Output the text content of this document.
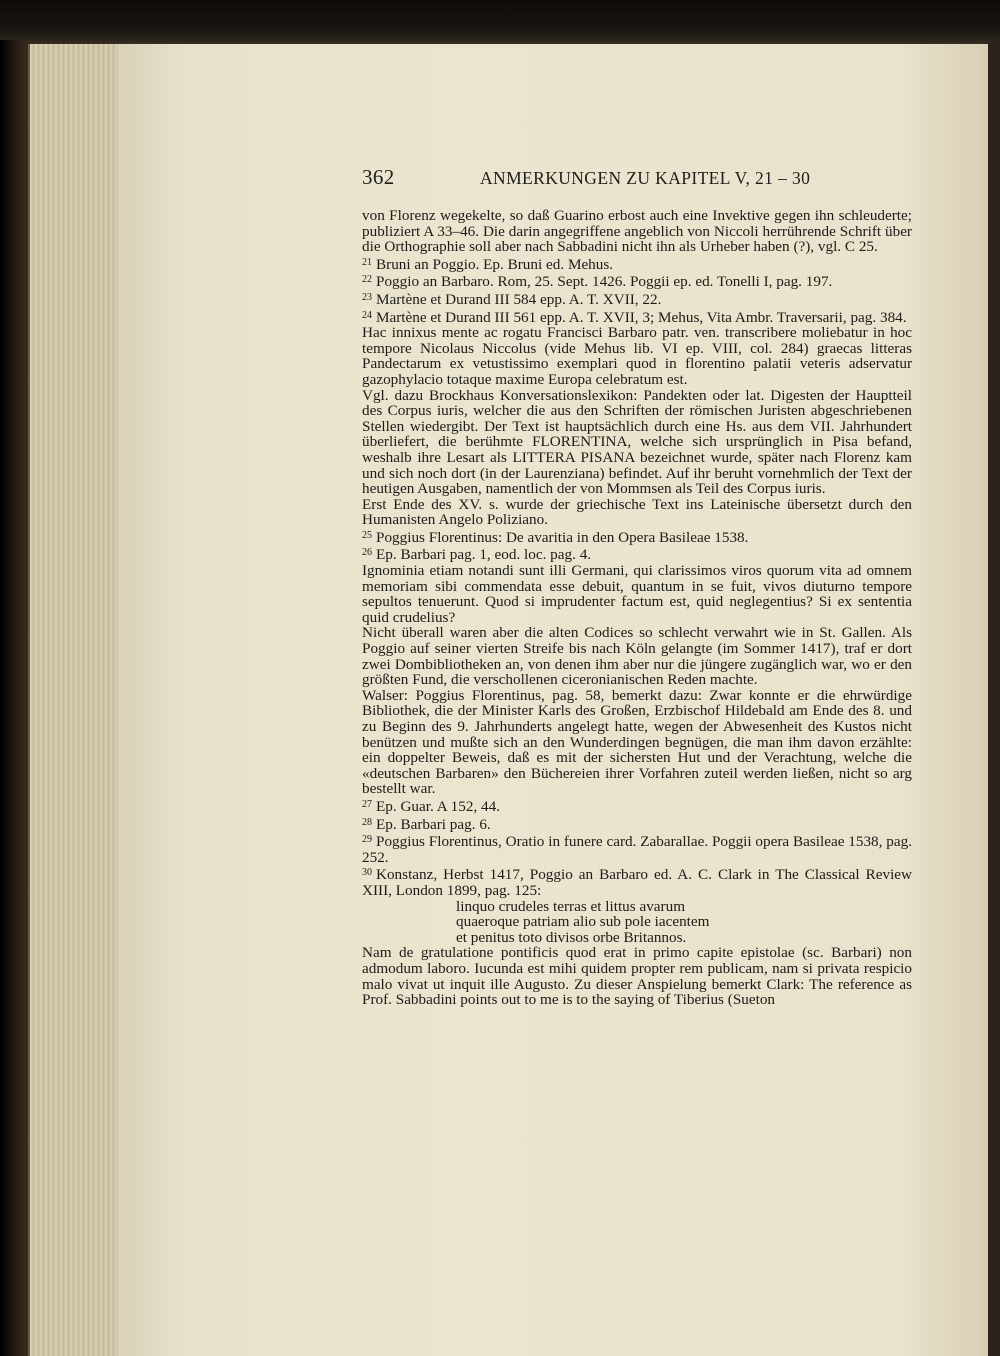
362	ANMERKUNGEN ZU KAPITEL V, 21 – 30

von Florenz wegekelte, so daß Guarino erbost auch eine Invektive gegen ihn schleuderte; publiziert A 33–46. Die darin angegriffene angeblich von Niccoli herrührende Schrift über die Orthographie soll aber nach Sabbadini nicht ihn als Urheber haben (?), vgl. C 25.

$^{21}$ Bruni an Poggio. Ep. Bruni ed. Mehus.

$^{22}$ Poggio an Barbaro. Rom, 25. Sept. 1426. Poggii ep. ed. Tonelli I, pag. 197.

$^{23}$ Martène et Durand III 584 epp. A. T. XVII, 22.

$^{24}$ Martène et Durand III 561 epp. A. T. XVII, 3; Mehus, Vita Ambr. Traversarii, pag. 384.

Hac innixus mente ac rogatu Francisci Barbaro patr. ven. transcribere moliebatur in hoc tempore Nicolaus Niccolus (vide Mehus lib. VI ep. VIII, col. 284) graecas litteras Pandectarum ex vetustissimo exemplari quod in florentino palatii veteris adservatur gazophylacio totaque maxime Europa celebratum est.

Vgl. dazu Brockhaus Konversationslexikon: Pandekten oder lat. Digesten der Hauptteil des Corpus iuris, welcher die aus den Schriften der römischen Juristen abgeschriebenen Stellen wiedergibt. Der Text ist hauptsächlich durch eine Hs. aus dem VII. Jahrhundert überliefert, die berühmte FLORENTINA, welche sich ursprünglich in Pisa befand, weshalb ihre Lesart als LITTERA PISANA bezeichnet wurde, später nach Florenz kam und sich noch dort (in der Laurenziana) befindet. Auf ihr beruht vornehmlich der Text der heutigen Ausgaben, namentlich der von Mommsen als Teil des Corpus iuris.

Erst Ende des XV. s. wurde der griechische Text ins Lateinische übersetzt durch den Humanisten Angelo Poliziano.

$^{25}$ Poggius Florentinus: De avaritia in den Opera Basileae 1538.

$^{26}$ Ep. Barbari pag. 1, eod. loc. pag. 4.

Ignominia etiam notandi sunt illi Germani, qui clarissimos viros quorum vita ad omnem memoriam sibi commendata esse debuit, quantum in se fuit, vivos diuturno tempore sepultos tenuerunt. Quod si imprudenter factum est, quid neglegentius? Si ex sententia quid crudelius?

Nicht überall waren aber die alten Codices so schlecht verwahrt wie in St. Gallen. Als Poggio auf seiner vierten Streife bis nach Köln gelangte (im Sommer 1417), traf er dort zwei Dombibliotheken an, von denen ihm aber nur die jüngere zugänglich war, wo er den größten Fund, die verschollenen ciceronianischen Reden machte.

Walser: Poggius Florentinus, pag. 58, bemerkt dazu: Zwar konnte er die ehrwürdige Bibliothek, die der Minister Karls des Großen, Erzbischof Hildebald am Ende des 8. und zu Beginn des 9. Jahrhunderts angelegt hatte, wegen der Abwesenheit des Kustos nicht benützen und mußte sich an den Wunderdingen begnügen, die man ihm davon erzählte: ein doppelter Beweis, daß es mit der sichersten Hut und der Verachtung, welche die «deutschen Barbaren» den Büchereien ihrer Vorfahren zuteil werden ließen, nicht so arg bestellt war.

$^{27}$ Ep. Guar. A 152, 44.

$^{28}$ Ep. Barbari pag. 6.

$^{29}$ Poggius Florentinus, Oratio in funere card. Zabarallae. Poggii opera Basileae 1538, pag. 252.

$^{30}$ Konstanz, Herbst 1417, Poggio an Barbaro ed. A. C. Clark in The Classical Review XIII, London 1899, pag. 125:

linquo crudeles terras et littus avarum

quaeroque patriam alio sub pole iacentem

et penitus toto divisos orbe Britannos.

Nam de gratulatione pontificis quod erat in primo capite epistolae (sc. Barbari) non admodum laboro. Iucunda est mihi quidem propter rem publicam, nam si privata respicio malo vivat ut inquit ille Augusto. Zu dieser Anspielung bemerkt Clark: The reference as Prof. Sabbadini points out to me is to the saying of Tiberius (Sueton
